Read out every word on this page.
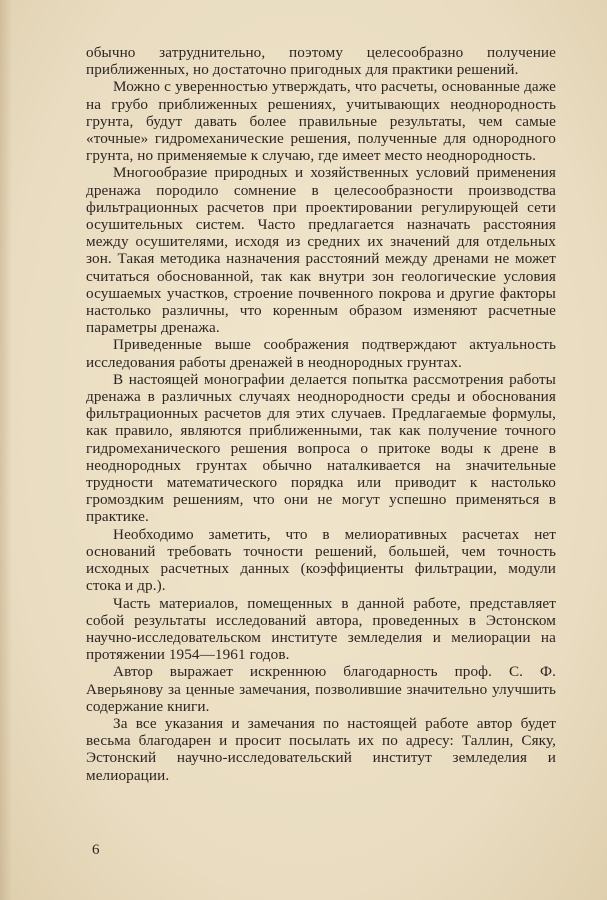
обычно затруднительно, поэтому целесообразно получение приближенных, но достаточно пригодных для практики решений.

Можно с уверенностью утверждать, что расчеты, основанные даже на грубо приближенных решениях, учитывающих неоднородность грунта, будут давать более правильные результаты, чем самые «точные» гидромеханические решения, полученные для однородного грунта, но применяемые к случаю, где имеет место неоднородность.

Многообразие природных и хозяйственных условий применения дренажа породило сомнение в целесообразности производства фильтрационных расчетов при проектировании регулирующей сети осушительных систем. Часто предлагается назначать расстояния между осушителями, исходя из средних их значений для отдельных зон. Такая методика назначения расстояний между дренами не может считаться обоснованной, так как внутри зон геологические условия осушаемых участков, строение почвенного покрова и другие факторы настолько различны, что коренным образом изменяют расчетные параметры дренажа.

Приведенные выше соображения подтверждают актуальность исследования работы дренажей в неоднородных грунтах.

В настоящей монографии делается попытка рассмотрения работы дренажа в различных случаях неоднородности среды и обоснования фильтрационных расчетов для этих случаев. Предлагаемые формулы, как правило, являются приближенными, так как получение точного гидромеханического решения вопроса о притоке воды к дрене в неоднородных грунтах обычно наталкивается на значительные трудности математического порядка или приводит к настолько громоздким решениям, что они не могут успешно применяться в практике.

Необходимо заметить, что в мелиоративных расчетах нет оснований требовать точности решений, большей, чем точность исходных расчетных данных (коэффициенты фильтрации, модули стока и др.).

Часть материалов, помещенных в данной работе, представляет собой результаты исследований автора, проведенных в Эстонском научно-исследовательском институте земледелия и мелиорации на протяжении 1954—1961 годов.

Автор выражает искреннюю благодарность проф. С. Ф. Аверьянову за ценные замечания, позволившие значительно улучшить содержание книги.

За все указания и замечания по настоящей работе автор будет весьма благодарен и просит посылать их по адресу: Таллин, Сяку, Эстонский научно-исследовательский институт земледелия и мелиорации.

6
